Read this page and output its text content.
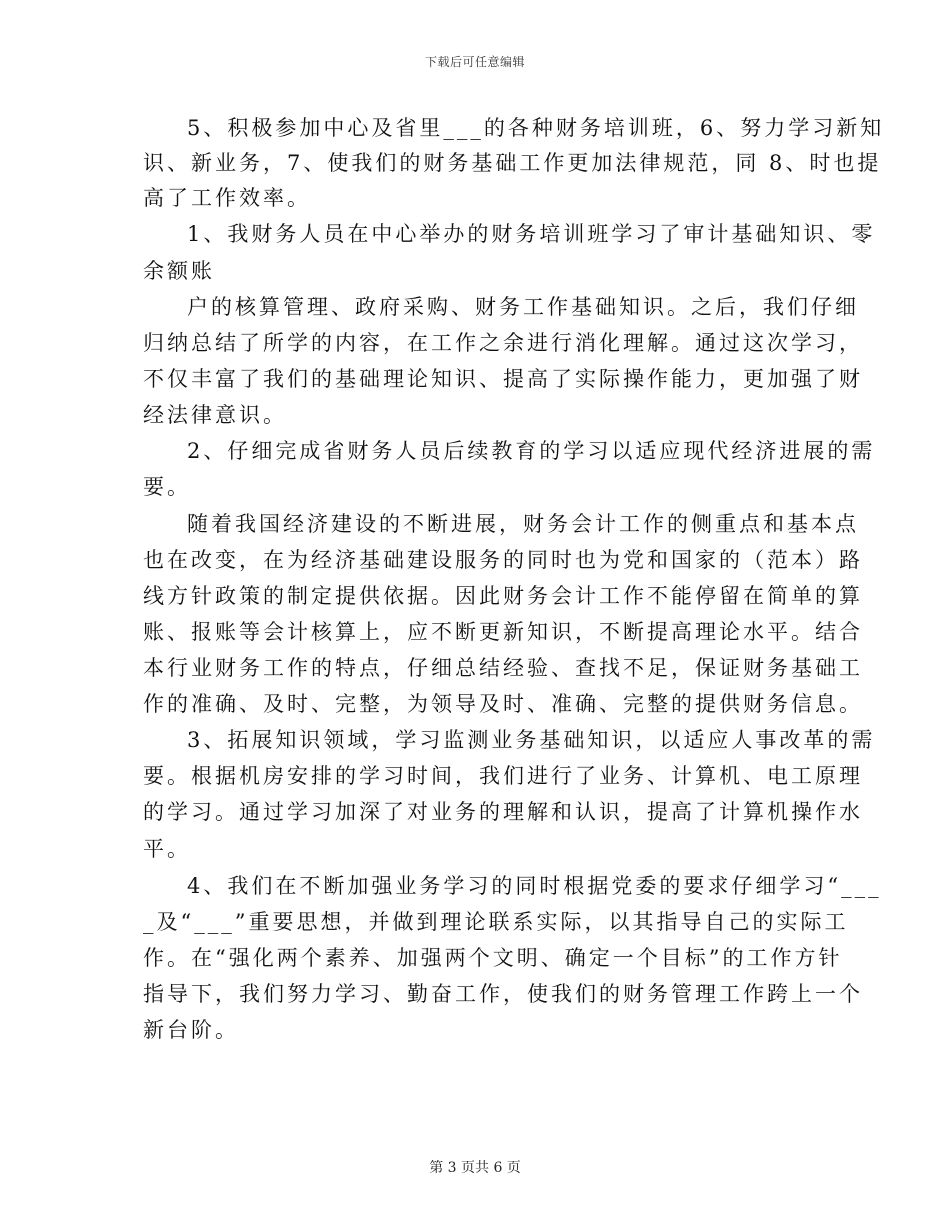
下载后可任意编辑
5、积极参加中心及省里___的各种财务培训班，6、努力学习新知
识、新业务，7、使我们的财务基础工作更加法律规范，同 8、时也提
高了工作效率。
1、我财务人员在中心举办的财务培训班学习了审计基础知识、零
余额账
户的核算管理、政府采购、财务工作基础知识。之后，我们仔细
归纳总结了所学的内容，在工作之余进行消化理解。通过这次学习，
不仅丰富了我们的基础理论知识、提高了实际操作能力，更加强了财
经法律意识。
2、仔细完成省财务人员后续教育的学习以适应现代经济进展的需
要。
随着我国经济建设的不断进展，财务会计工作的侧重点和基本点
也在改变，在为经济基础建设服务的同时也为党和国家的（范本）路
线方针政策的制定提供依据。因此财务会计工作不能停留在简单的算
账、报账等会计核算上，应不断更新知识，不断提高理论水平。结合
本行业财务工作的特点，仔细总结经验、查找不足，保证财务基础工
作的准确、及时、完整，为领导及时、准确、完整的提供财务信息。
3、拓展知识领域，学习监测业务基础知识，以适应人事改革的需
要。根据机房安排的学习时间，我们进行了业务、计算机、电工原理
的学习。通过学习加深了对业务的理解和认识，提高了计算机操作水
平。
4、我们在不断加强业务学习的同时根据党委的要求仔细学习“___
_及“___”重要思想，并做到理论联系实际，以其指导自己的实际工
作。在“强化两个素养、加强两个文明、确定一个目标”的工作方针
指导下，我们努力学习、勤奋工作，使我们的财务管理工作跨上一个
新台阶。
第 3 页共 6 页
